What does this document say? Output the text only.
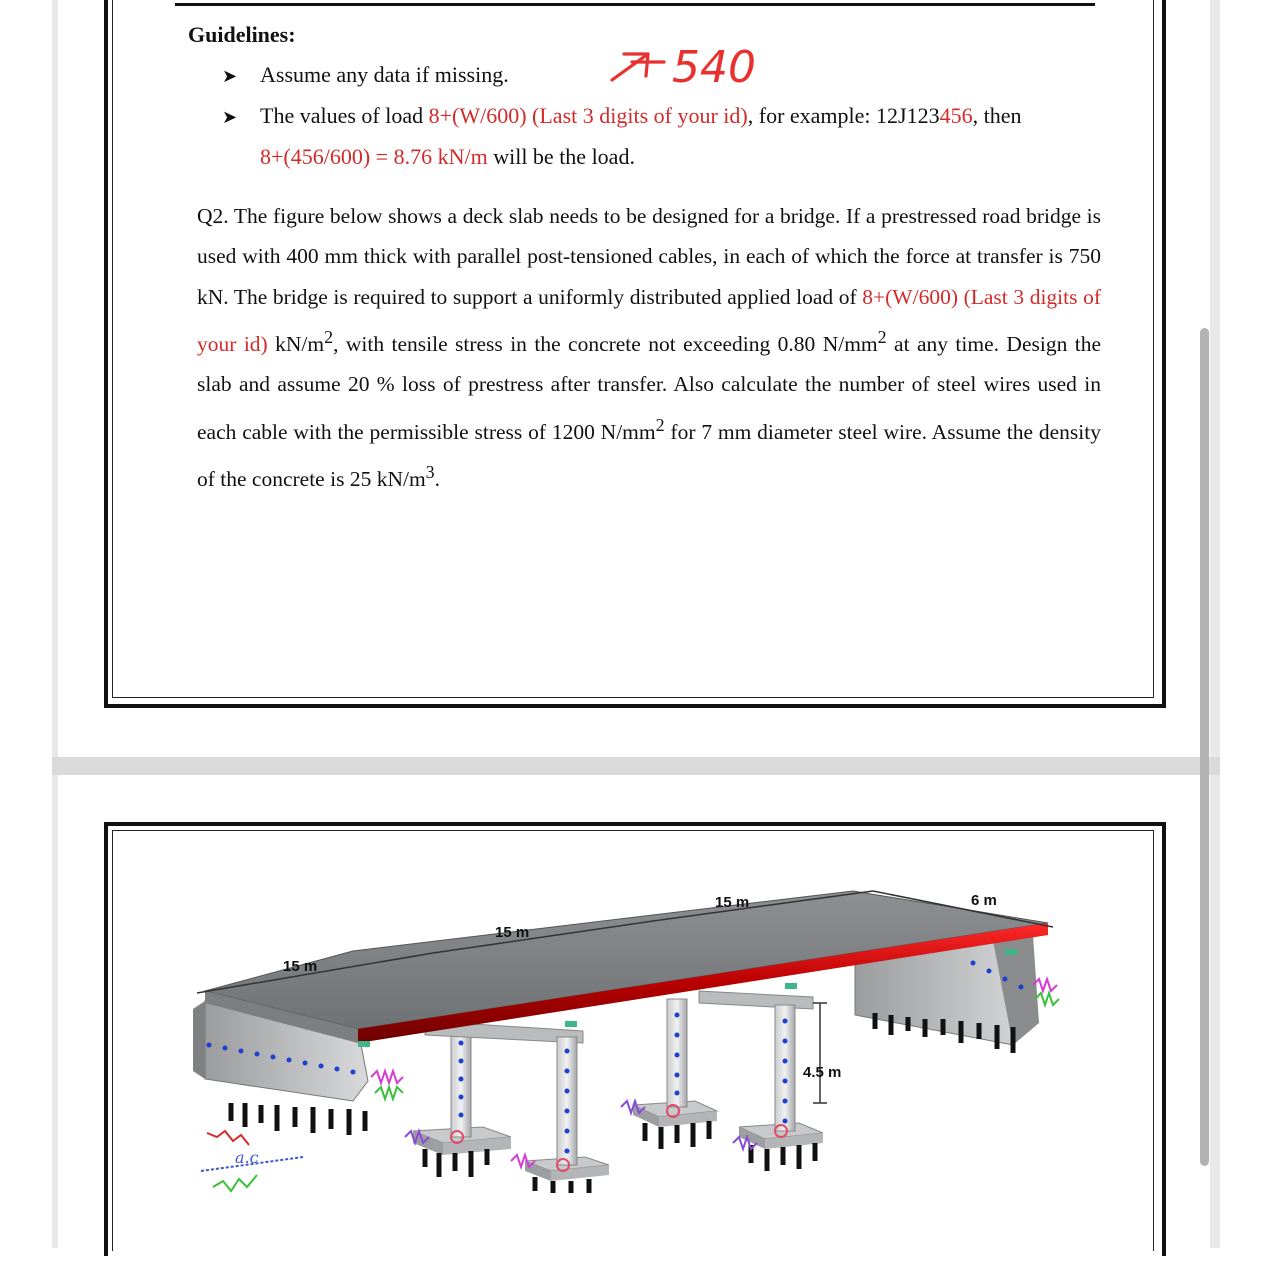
Guidelines:
➤ Assume any data if missing.
➤ The values of load 8+(W/600) (Last 3 digits of your id), for example: 12J123456, then
8+(456/600) = 8.76 kN/m will be the load.
540
Q2. The figure below shows a deck slab needs to be designed for a bridge. If a prestressed road bridge is used with 400 mm thick with parallel post-tensioned cables, in each of which the force at transfer is 750 kN. The bridge is required to support a uniformly distributed applied load of 8+(W/600) (Last 3 digits of your id) $kN/m^2$, with tensile stress in the concrete not exceeding 0.80 $N/mm^2$ at any time. Design the slab and assume 20 % loss of prestress after transfer. Also calculate the number of steel wires used in each cable with the permissible stress of 1200 $N/mm^2$ for 7 mm diameter steel wire. Assume the density of the concrete is 25 $kN/m^3$.
a.c
15 m
15 m
15 m	6 m
4.5 m
